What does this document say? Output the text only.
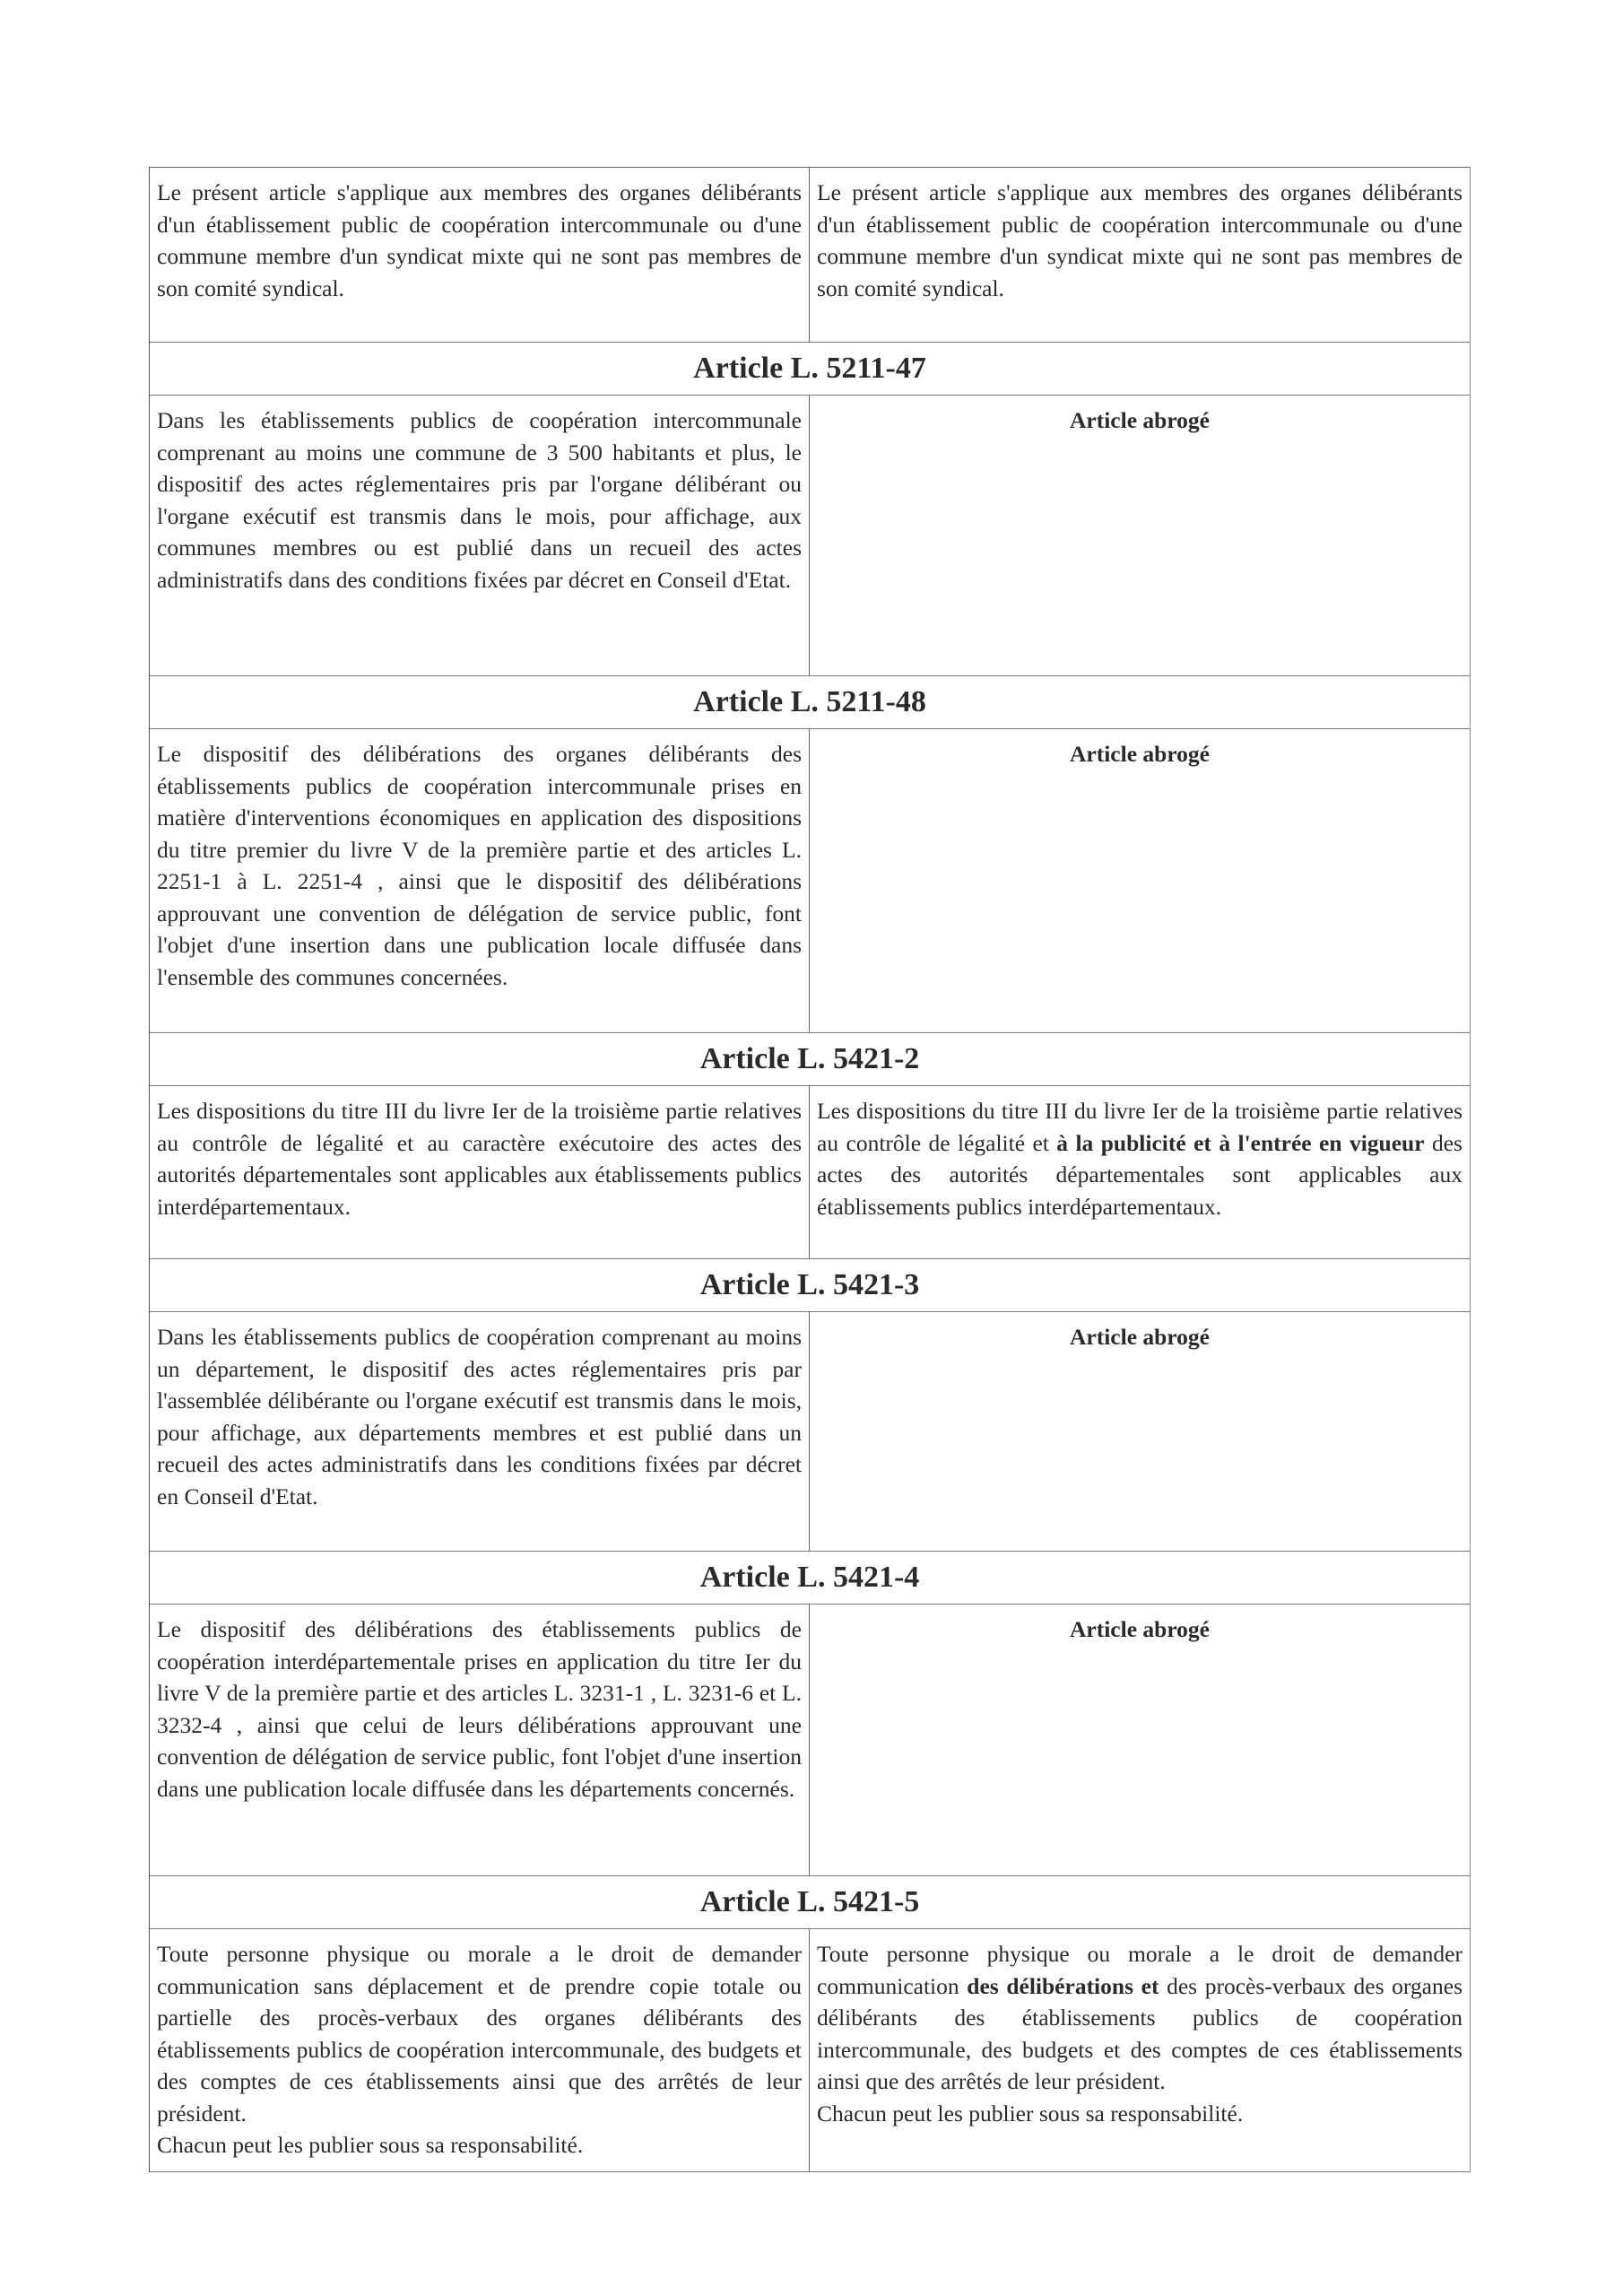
Le présent article s'applique aux membres des organes délibérants d'un établissement public de coopération intercommunale ou d'une commune membre d'un syndicat mixte qui ne sont pas membres de son comité syndical.

Le présent article s'applique aux membres des organes délibérants d'un établissement public de coopération intercommunale ou d'une commune membre d'un syndicat mixte qui ne sont pas membres de son comité syndical.

Article L. 5211-47

Dans les établissements publics de coopération intercommunale comprenant au moins une commune de 3 500 habitants et plus, le dispositif des actes réglementaires pris par l'organe délibérant ou l'organe exécutif est transmis dans le mois, pour affichage, aux communes membres ou est publié dans un recueil des actes administratifs dans des conditions fixées par décret en Conseil d'Etat.

Article abrogé

Article L. 5211-48

Le dispositif des délibérations des organes délibérants des établissements publics de coopération intercommunale prises en matière d'interventions économiques en application des dispositions du titre premier du livre V de la première partie et des articles L. 2251-1 à L. 2251-4 , ainsi que le dispositif des délibérations approuvant une convention de délégation de service public, font l'objet d'une insertion dans une publication locale diffusée dans l'ensemble des communes concernées.

Article abrogé

Article L. 5421-2

Les dispositions du titre III du livre Ier de la troisième partie relatives au contrôle de légalité et au caractère exécutoire des actes des autorités départementales sont applicables aux établissements publics interdépartementaux.

Les dispositions du titre III du livre Ier de la troisième partie relatives au contrôle de légalité et à la publicité et à l'entrée en vigueur des actes des autorités départementales sont applicables aux établissements publics interdépartementaux.

Article L. 5421-3

Dans les établissements publics de coopération comprenant au moins un département, le dispositif des actes réglementaires pris par l'assemblée délibérante ou l'organe exécutif est transmis dans le mois, pour affichage, aux départements membres et est publié dans un recueil des actes administratifs dans les conditions fixées par décret en Conseil d'Etat.

Article abrogé

Article L. 5421-4

Le dispositif des délibérations des établissements publics de coopération interdépartementale prises en application du titre Ier du livre V de la première partie et des articles L. 3231-1 , L. 3231-6 et L. 3232-4 , ainsi que celui de leurs délibérations approuvant une convention de délégation de service public, font l'objet d'une insertion dans une publication locale diffusée dans les départements concernés.

Article abrogé

Article L. 5421-5

Toute personne physique ou morale a le droit de demander communication sans déplacement et de prendre copie totale ou partielle des procès-verbaux des organes délibérants des établissements publics de coopération intercommunale, des budgets et des comptes de ces établissements ainsi que des arrêtés de leur président.

Chacun peut les publier sous sa responsabilité.

Toute personne physique ou morale a le droit de demander communication des délibérations et des procès-verbaux des organes délibérants des établissements publics de coopération intercommunale, des budgets et des comptes de ces établissements ainsi que des arrêtés de leur président.

Chacun peut les publier sous sa responsabilité.
